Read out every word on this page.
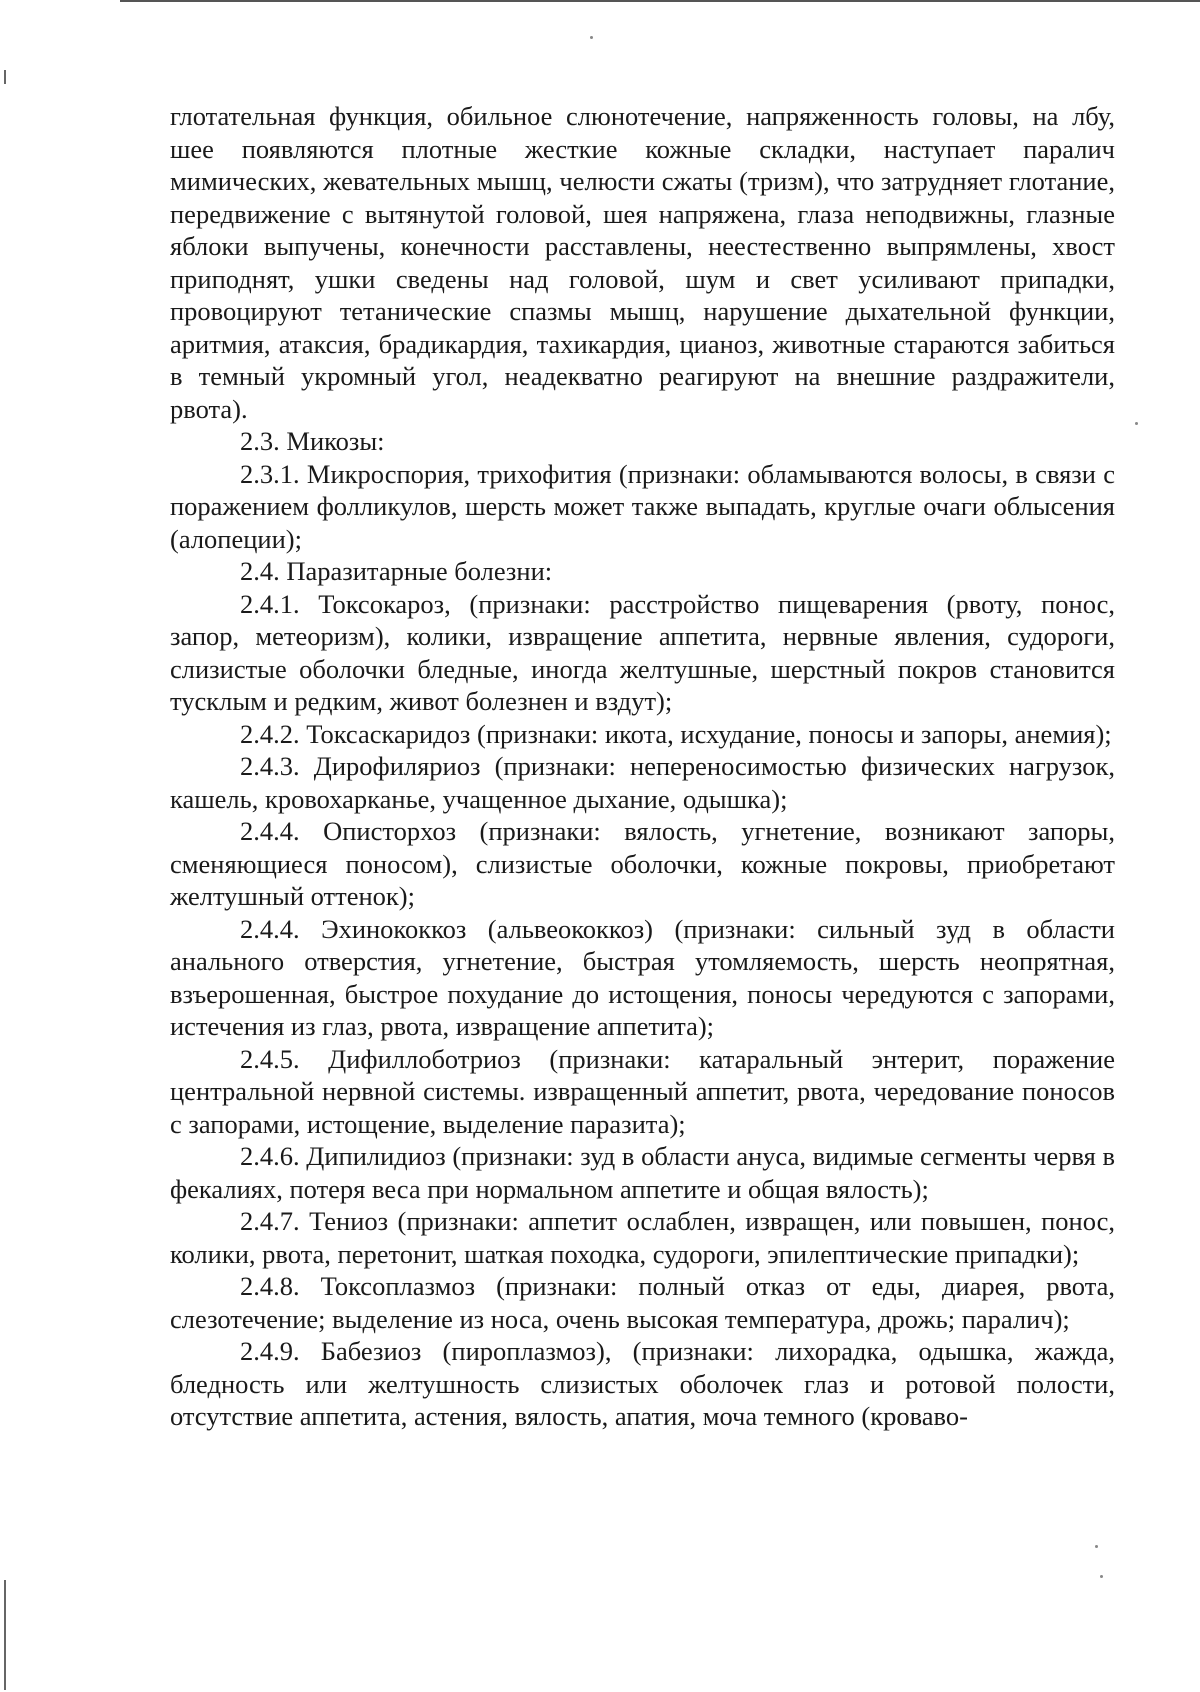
глотательная функция, обильное слюнотечение, напряженность головы, на лбу, шее появляются плотные жесткие кожные складки, наступает паралич мимических, жевательных мышц, челюсти сжаты (тризм), что затрудняет глотание, передвижение с вытянутой головой, шея напряжена, глаза неподвижны, глазные яблоки выпучены, конечности расставлены, неестественно выпрямлены, хвост приподнят, ушки сведены над головой, шум и свет усиливают припадки, провоцируют тетанические спазмы мышц, нарушение дыхательной функции, аритмия, атаксия, брадикардия, тахикардия, цианоз, животные стараются забиться в темный укромный угол, неадекватно реагируют на внешние раздражители, рвота).

2.3. Микозы:

2.3.1. Микроспория, трихофития (признаки: обламываются волосы, в связи с поражением фолликулов, шерсть может также выпадать, круглые очаги облысения (алопеции);

2.4. Паразитарные болезни:

2.4.1. Токсокароз, (признаки: расстройство пищеварения (рвоту, понос, запор, метеоризм), колики, извращение аппетита, нервные явления, судороги, слизистые оболочки бледные, иногда желтушные, шерстный покров становится тусклым и редким, живот болезнен и вздут);

2.4.2. Токсаскаридоз (признаки: икота, исхудание, поносы и запоры, анемия);

2.4.3. Дирофиляриоз (признаки: непереносимостью физических нагрузок, кашель, кровохарканье, учащенное дыхание, одышка);

2.4.4. Описторхоз (признаки: вялость, угнетение, возникают запоры, сменяющиеся поносом), слизистые оболочки, кожные покровы, приобретают желтушный оттенок);

2.4.4. Эхинококкоз (альвеококкоз) (признаки: сильный зуд в области анального отверстия, угнетение, быстрая утомляемость, шерсть неопрятная, взъерошенная, быстрое похудание до истощения, поносы чередуются с запорами, истечения из глаз, рвота, извращение аппетита);

2.4.5. Дифиллоботриоз (признаки: катаральный энтерит, поражение центральной нервной системы. извращенный аппетит, рвота, чередование поносов с запорами, истощение, выделение паразита);

2.4.6. Дипилидиоз (признаки: зуд в области ануса, видимые сегменты червя в фекалиях, потеря веса при нормальном аппетите и общая вялость);

2.4.7. Тениоз (признаки: аппетит ослаблен, извращен, или повышен, понос, колики, рвота, перетонит, шаткая походка, судороги, эпилептические припадки);

2.4.8. Токсоплазмоз (признаки: полный отказ от еды, диарея, рвота, слезотечение; выделение из носа, очень высокая температура, дрожь; паралич);

2.4.9. Бабезиоз (пироплазмоз), (признаки: лихорадка, одышка, жажда, бледность или желтушность слизистых оболочек глаз и ротовой полости, отсутствие аппетита, астения, вялость, апатия, моча темного (кроваво-
